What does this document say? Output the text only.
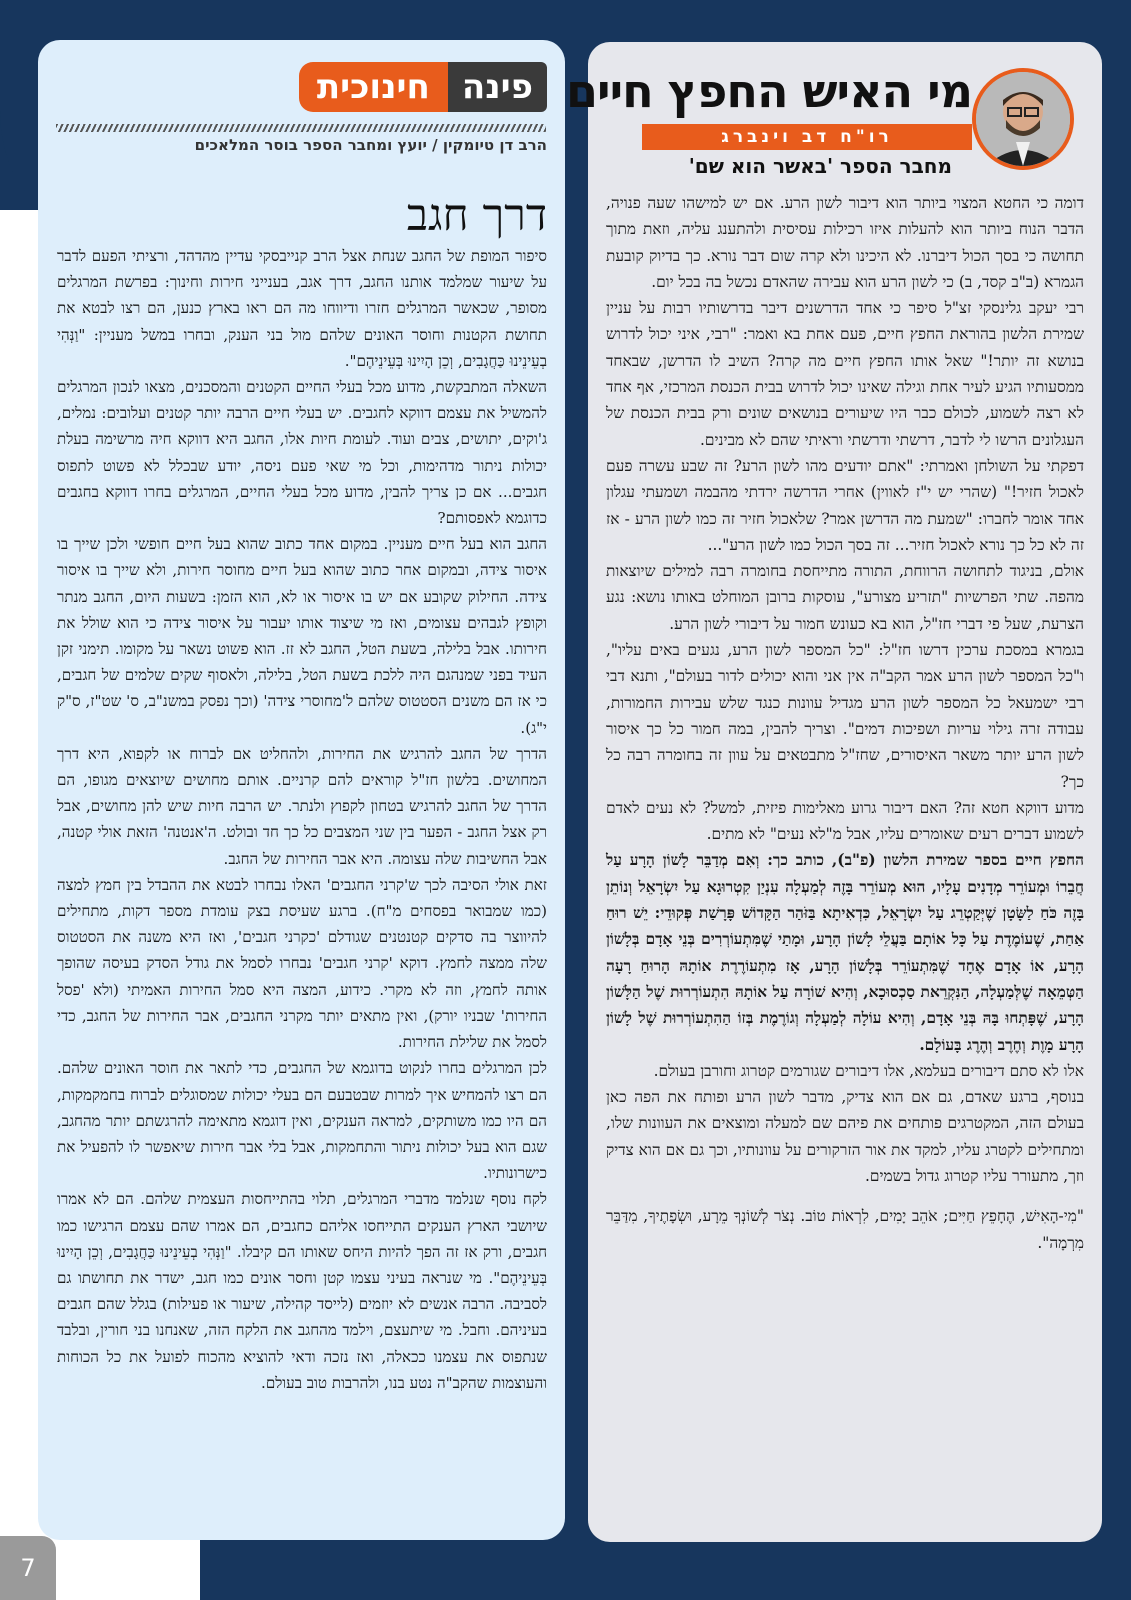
7
מי האיש החפץ חיים
רו"ח דב וינברג
מחבר הספר 'באשר הוא שם'

דומה כי החטא המצוי ביותר הוא דיבור לשון הרע. אם יש למישהו שעה פנויה, הדבר הנוח ביותר הוא להעלות איזו רכילות עסיסית ולהתענג עליה, וזאת מתוך תחושה כי בסך הכול דיברנו. לא היכינו ולא קרה שום דבר נורא. כך בדיוק קובעת הגמרא (ב"ב קסד, ב) כי לשון הרע הוא עבירה שהאדם נכשל בה בכל יום.

רבי יעקב גלינסקי זצ"ל סיפר כי אחד הדרשנים דיבר בדרשותיו רבות על עניין שמירת הלשון בהוראת החפץ חיים, פעם אחת בא ואמר: "רבי, איני יכול לדרוש בנושא זה יותר!" שאל אותו החפץ חיים מה קרה? השיב לו הדרשן, שבאחד ממסעותיו הגיע לעיר אחת וגילה שאינו יכול לדרוש בבית הכנסת המרכזי, אף אחד לא רצה לשמוע, לכולם כבר היו שיעורים בנושאים שונים ורק בבית הכנסת של העגלונים הרשו לי לדבר, דרשתי ודרשתי וראיתי שהם לא מבינים.

דפקתי על השולחן ואמרתי: "אתם יודעים מהו לשון הרע? זה שבע עשרה פעם לאכול חזיר!" (שהרי יש י"ז לאווין) אחרי הדרשה ירדתי מהבמה ושמעתי עגלון אחד אומר לחברו: "שמעת מה הדרשן אמר? שלאכול חזיר זה כמו לשון הרע - אז זה לא כל כך נורא לאכול חזיר... זה בסך הכול כמו לשון הרע"...

אולם, בניגוד לתחושה הרווחת, התורה מתייחסת בחומרה רבה למילים שיוצאות מהפה. שתי הפרשיות "תזריע מצורע", עוסקות ברובן המוחלט באותו נושא: נגע הצרעת, שעל פי דברי חז"ל, הוא בא כעונש חמור על דיבורי לשון הרע.

בגמרא במסכת ערכין דרשו חז"ל: "כל המספר לשון הרע, נגעים באים עליו", ו"כל המספר לשון הרע אמר הקב"ה אין אני והוא יכולים לדור בעולם", ותנא דבי רבי ישמעאל כל המספר לשון הרע מגדיל עוונות כנגד שלש עבירות החמורות, עבודה זרה גילוי עריות ושפיכות דמים". וצריך להבין, במה חמור כל כך איסור לשון הרע יותר משאר האיסורים, שחז"ל מתבטאים על עוון זה בחומרה רבה כל כך?

מדוע דווקא חטא זה? האם דיבור גרוע מאלימות פיזית, למשל? לא נעים לאדם לשמוע דברים רעים שאומרים עליו, אבל מ"לא נעים" לא מתים.

החפץ חיים בספר שמירת הלשון (פ"ב), כותב כך: וְאִם מְדַבֵּר לָשׁוֹן הָרָע עַל חֲבֵרוֹ וּמְעוֹרֵר מְדָנִים עָלָיו, הוּא מְעוֹרֵר בָּזֶה לְמַעְלָה עִנְיַן קִטְרוּגָא עַל יִשְׂרָאֵל וְנוֹתֵן בָּזֶה כֹּחַ לַשָּׂטָן שֶׁיְּקַטְרֵג עַל יִשְׂרָאֵל, כִּדְאִיתָא בַּזֹּהַר הַקָּדוֹשׁ פָּרָשַׁת פְּקוּדֵי: יֵשׁ רוּחַ אַחַת, שֶׁעוֹמֶדֶת עַל כָּל אוֹתָם בַּעֲלֵי לָשׁוֹן הָרָע, וּמָתַי שֶׁמִּתְעוֹרְרִים בְּנֵי אָדָם בְּלָשׁוֹן הָרָע, אוֹ אָדָם אֶחָד שֶׁמִּתְעוֹרֵר בְּלָשׁוֹן הָרָע, אָז מִתְעוֹרֶרֶת אוֹתָהּ הָרוּחַ רָעָה הַטְּמֵאָה שֶׁלְּמַעְלָה, הַנִּקְרֵאת סַכְסוּכָא, וְהִיא שׁוֹרָה עַל אוֹתָהּ הִתְעוֹרְרוּת שֶׁל הַלָּשׁוֹן הָרָע, שֶׁפָּתְחוּ בָּהּ בְּנֵי אָדָם, וְהִיא עוֹלָה לְמַעְלָה וְגוֹרֶמֶת בְּזוֹ הַהִתְעוֹרְרוּת שֶׁל לָשׁוֹן הָרָע מָוֶת וְחֶרֶב וְהֶרֶג בָּעוֹלָם.

אלו לא סתם דיבורים בעלמא, אלו דיבורים שגורמים קטרוג וחורבן בעולם.

בנוסף, ברגע שאדם, גם אם הוא צדיק, מדבר לשון הרע ופותח את הפה כאן בעולם הזה, המקטרגים פותחים את פיהם שם למעלה ומוצאים את העוונות שלו, ומתחילים לקטרג עליו, למקד את אור הזרקורים על עוונותיו, וכך גם אם הוא צדיק וזך, מתעורר עליו קטרוג גדול בשמים.

"מִי-הָאִישׁ, הֶחָפֵץ חַיִּים; אֹהֵב יָמִים, לִרְאוֹת טוֹב. נְצֹר לְשׁוֹנְךָ מֵרָע, וּשְׂפָתֶיךָ, מִדַּבֵּר מִרְמָה".

פינה
חינוכית
הרב דן טיומקין / יועץ ומחבר הספר בוסר המלאכים
דרך חגב

סיפור המופת של החגב שנחת אצל הרב קנייבסקי עדיין מהדהד, ורציתי הפעם לדבר על שיעור שמלמד אותנו החגב, דרך אגב, בענייני חירות וחינוך: בפרשת המרגלים מסופר, שכאשר המרגלים חזרו ודיווחו מה הם ראו בארץ כנען, הם רצו לבטא את תחושת הקטנות וחוסר האונים שלהם מול בני הענק, ובחרו במשל מעניין: "וַנְּהִי בְעֵינֵינוּ כַּחֲגָבִים, וְכֵן הָיִינוּ בְּעֵינֵיהֶם".

השאלה המתבקשת, מדוע מכל בעלי החיים הקטנים והמסכנים, מצאו לנכון המרגלים להמשיל את עצמם דווקא לחגבים. יש בעלי חיים הרבה יותר קטנים ועלובים: נמלים, ג'וקים, יתושים, צבים ועוד. לעומת חיות אלו, החגב היא דווקא חיה מרשימה בעלת יכולות ניתור מדהימות, וכל מי שאי פעם ניסה, יודע שבכלל לא פשוט לתפוס חגבים... אם כן צריך להבין, מדוע מכל בעלי החיים, המרגלים בחרו דווקא בחגבים כדוגמא לאפסותם?

החגב הוא בעל חיים מעניין. במקום אחד כתוב שהוא בעל חיים חופשי ולכן שייך בו איסור צידה, ובמקום אחר כתוב שהוא בעל חיים מחוסר חירות, ולא שייך בו איסור צידה. החילוק שקובע אם יש בו איסור או לא, הוא הזמן: בשעות היום, החגב מנתר וקופץ לגבהים עצומים, ואז מי שיצוד אותו יעבור על איסור צידה כי הוא שולל את חירותו. אבל בלילה, בשעת הטל, החגב לא זז. הוא פשוט נשאר על מקומו. תימני זקן העיד בפני שמנהגם היה ללכת בשעת הטל, בלילה, ולאסוף שקים שלמים של חגבים, כי אז הם משנים הסטטוס שלהם ל'מחוסרי צידה' (וכך נפסק במשנ"ב, ס' שט"ז, ס"ק י"ג).

הדרך של החגב להרגיש את החירות, ולהחליט אם לברוח או לקפוא, היא דרך המחושים. בלשון חז"ל קוראים להם קרניים. אותם מחושים שיוצאים מגופו, הם הדרך של החגב להרגיש בטחון לקפוץ ולנתר. יש הרבה חיות שיש להן מחושים, אבל רק אצל החגב - הפער בין שני המצבים כל כך חד ובולט. ה'אנטנה' הזאת אולי קטנה, אבל החשיבות שלה עצומה. היא אבר החירות של החגב.

זאת אולי הסיבה לכך ש'קרני החגבים' האלו נבחרו לבטא את ההבדל בין חמץ למצה (כמו שמבואר בפסחים מ"ח). ברגע שעיסת בצק עומדת מספר דקות, מתחילים להיווצר בה סדקים קטנטנים שגודלם 'כקרני חגבים', ואז היא משנה את הסטטוס שלה ממצה לחמץ. דוקא 'קרני חגבים' נבחרו לסמל את גודל הסדק בעיסה שהופך אותה לחמץ, וזה לא מקרי. כידוע, המצה היא סמל החירות האמיתי (ולא 'פסל החירות' שבניו יורק), ואין מתאים יותר מקרני החגבים, אבר החירות של החגב, כדי לסמל את שלילת החירות.

לכן המרגלים בחרו לנקוט בדוגמא של החגבים, כדי לתאר את חוסר האונים שלהם. הם רצו להמחיש איך למרות שבטבעם הם בעלי יכולות שמסוגלים לברוח בחמקמקות, הם היו כמו משותקים, למראה הענקים, ואין דוגמא מתאימה להרגשתם יותר מהחגב, שגם הוא בעל יכולות ניתור והתחמקות, אבל בלי אבר חירות שיאפשר לו להפעיל את כישרונותיו.

לקח נוסף שנלמד מדברי המרגלים, תלוי בהתייחסות העצמית שלהם. הם לא אמרו שיושבי הארץ הענקים התייחסו אליהם כחגבים, הם אמרו שהם עצמם הרגישו כמו חגבים, ורק אז זה הפך להיות היחס שאותו הם קיבלו. "וַנְּהִי בְעֵינֵינוּ כַּחֲגָבִים, וְכֵן הָיִינוּ בְּעֵינֵיהֶם". מי שנראה בעיני עצמו קטן וחסר אונים כמו חגב, ישדר את תחושתו גם לסביבה. הרבה אנשים לא יוזמים (לייסד קהילה, שיעור או פעילות) בגלל שהם חגבים בעיניהם. וחבל. מי שיתעצם, וילמד מהחגב את הלקח הזה, שאנחנו בני חורין, ובלבד שנתפוס את עצמנו ככאלה, ואז נזכה ודאי להוציא מהכוח לפועל את כל הכוחות והעוצמות שהקב"ה נטע בנו, ולהרבות טוב בעולם.
